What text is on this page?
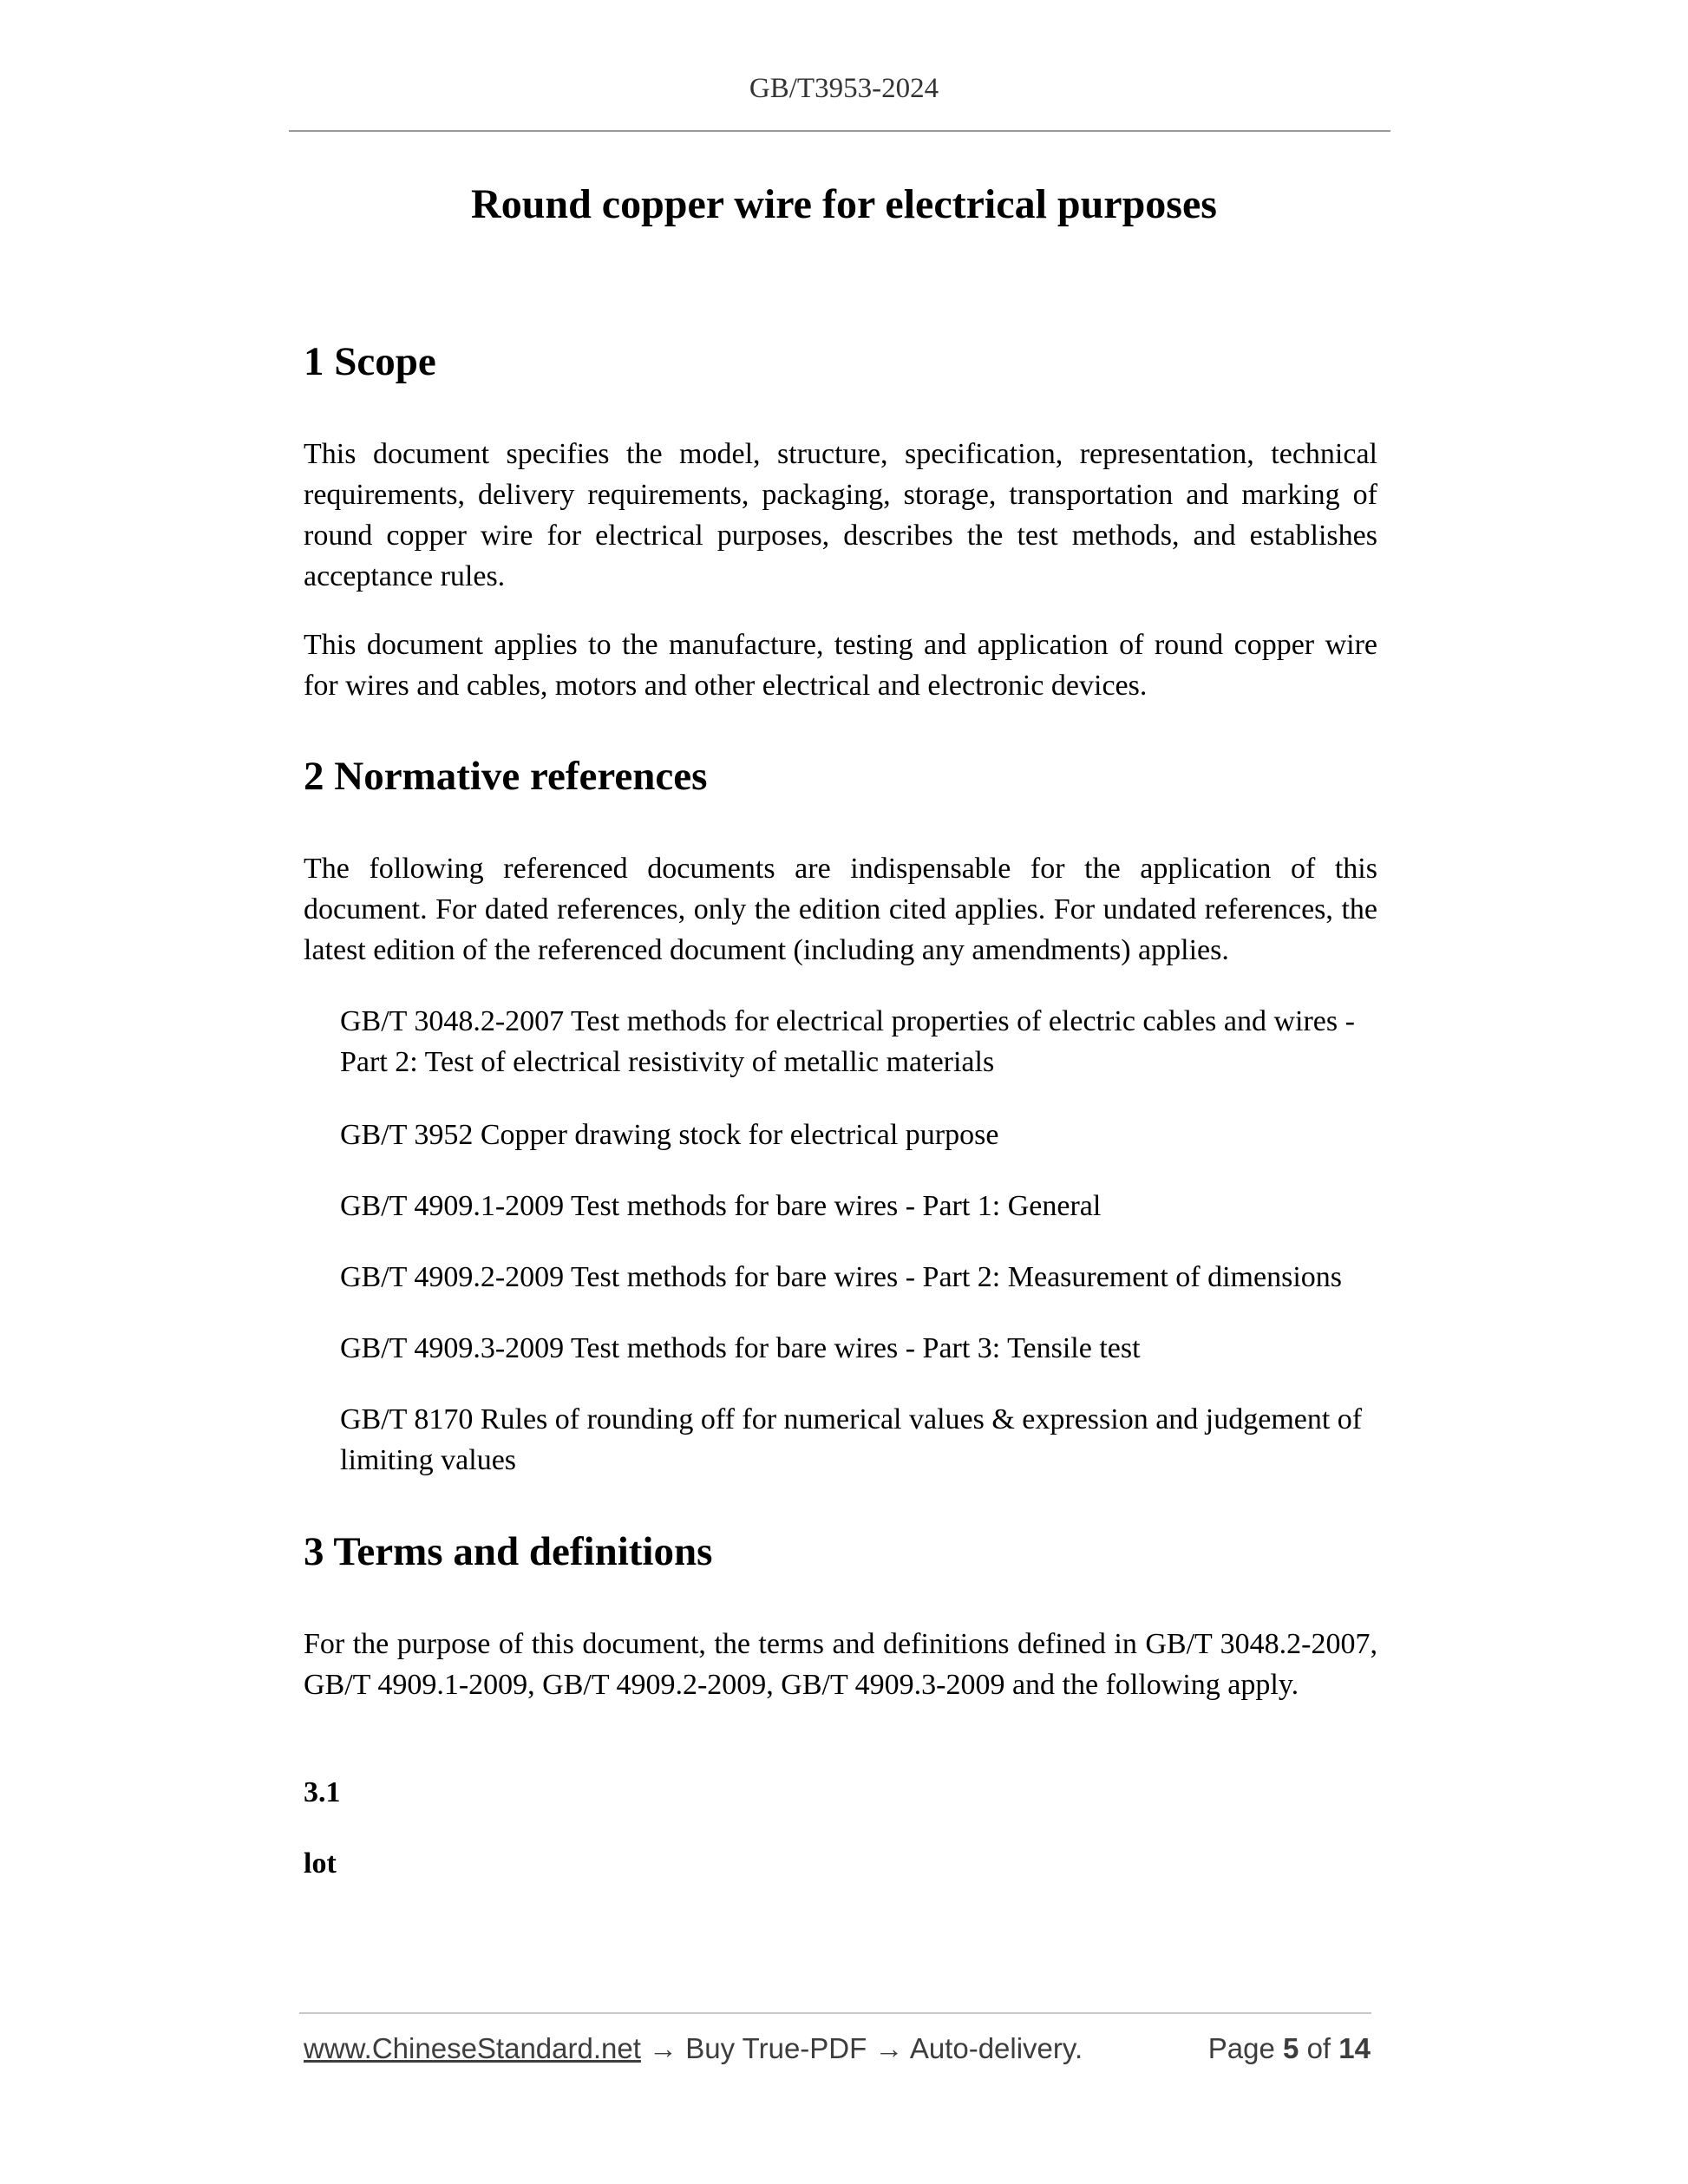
GB/T3953-2024
Round copper wire for electrical purposes
1 Scope

This document specifies the model, structure, specification, representation, technical requirements, delivery requirements, packaging, storage, transportation and marking of round copper wire for electrical purposes, describes the test methods, and establishes acceptance rules.

This document applies to the manufacture, testing and application of round copper wire for wires and cables, motors and other electrical and electronic devices.

2 Normative references

The following referenced documents are indispensable for the application of this document. For dated references, only the edition cited applies. For undated references, the latest edition of the referenced document (including any amendments) applies.

GB/T 3048.2-2007 Test methods for electrical properties of electric cables and wires - Part 2: Test of electrical resistivity of metallic materials

GB/T 3952 Copper drawing stock for electrical purpose

GB/T 4909.1-2009 Test methods for bare wires - Part 1: General

GB/T 4909.2-2009 Test methods for bare wires - Part 2: Measurement of dimensions

GB/T 4909.3-2009 Test methods for bare wires - Part 3: Tensile test

GB/T 8170 Rules of rounding off for numerical values & expression and judgement of limiting values

3 Terms and definitions

For the purpose of this document, the terms and definitions defined in GB/T 3048.2-2007, GB/T 4909.1-2009, GB/T 4909.2-2009, GB/T 4909.3-2009 and the following apply.

3.1

lot

www.ChineseStandard.net → Buy True-PDF → Auto-delivery.	Page 5 of 14
